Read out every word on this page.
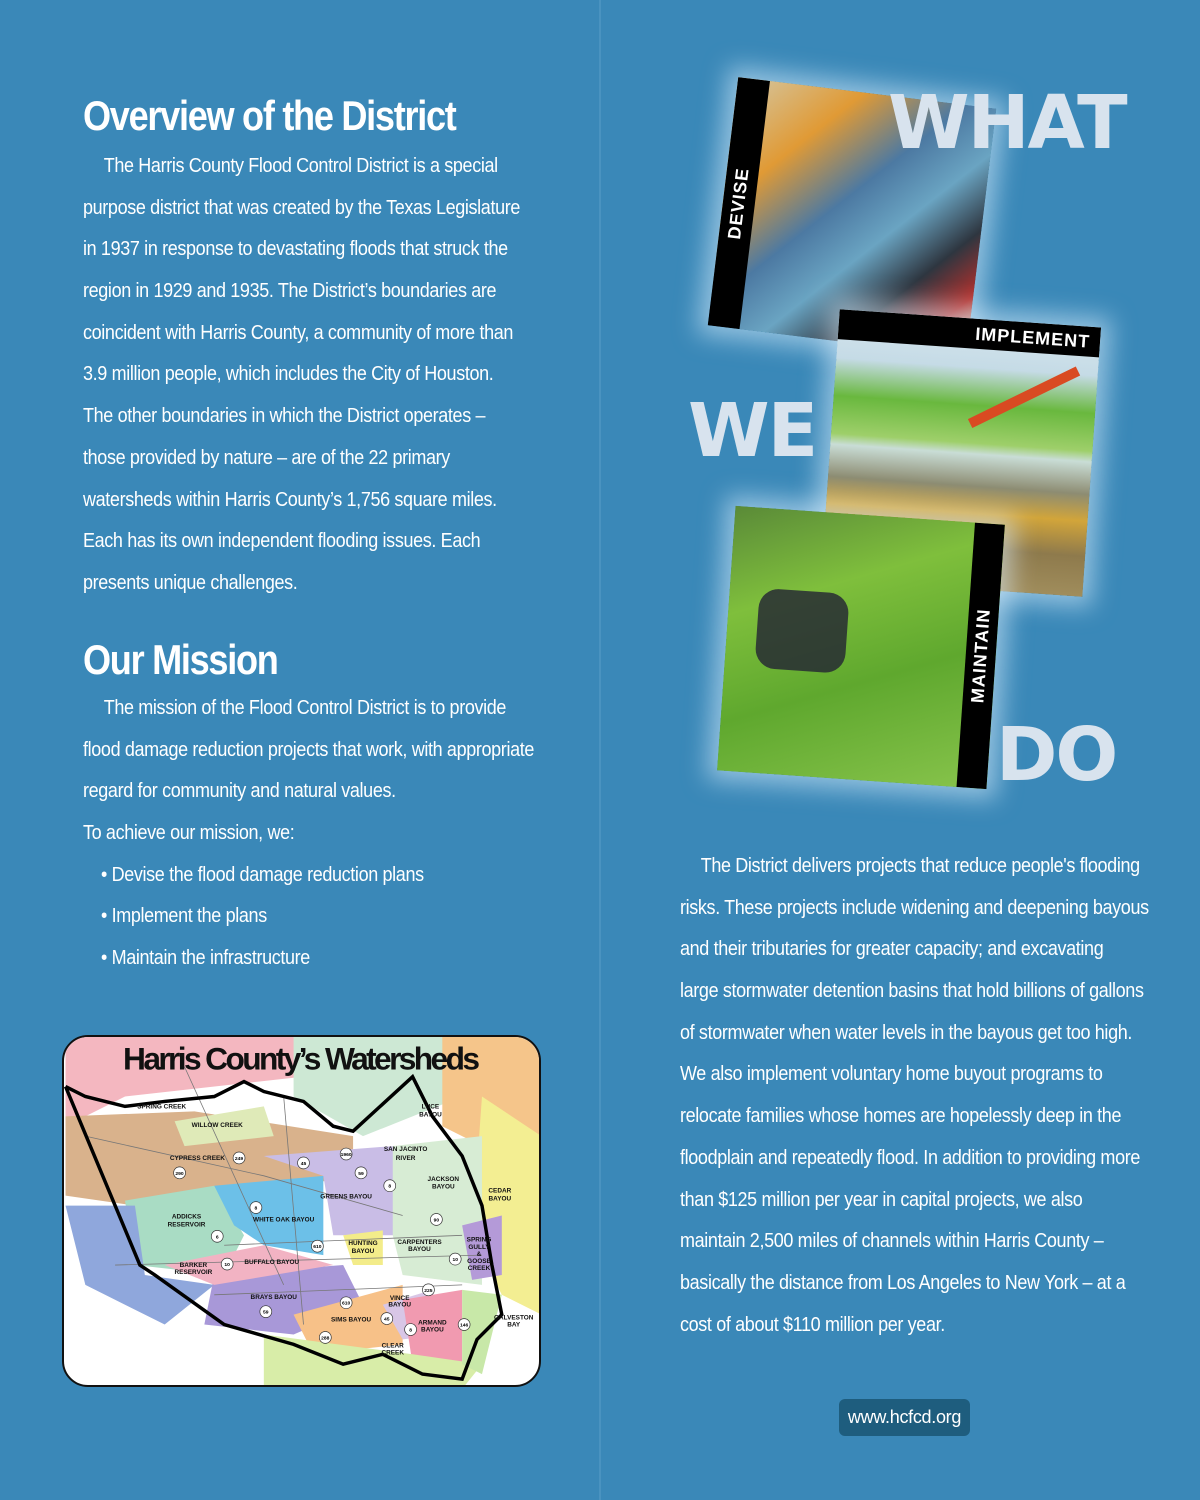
Overview of the District
The Harris County Flood Control District is a special
purpose district that was created by the Texas Legislature
in 1937 in response to devastating floods that struck the
region in 1929 and 1935. The District’s boundaries are
coincident with Harris County, a community of more than
3.9 million people, which includes the City of Houston.
The other boundaries in which the District operates –
those provided by nature – are of the 22 primary
watersheds within Harris County’s 1,756 square miles.
Each has its own independent flooding issues. Each
presents unique challenges.
Our Mission
The mission of the Flood Control District is to provide
flood damage reduction projects that work, with appropriate
regard for community and natural values.
To achieve our mission, we:
• Devise the flood damage reduction plans
• Implement the plans
• Maintain the infrastructure
Harris County’s Watersheds
SPRING CREEK
WILLOW CREEK
CYPRESS CREEK
LUCE
BAYOU
SAN JACINTO
RIVER
JACKSON
BAYOU
CEDAR
BAYOU
GREENS BAYOU
ADDICKS
RESERVOIR
WHITE OAK BAYOU
HUNTING
BAYOU
CARPENTERS
BAYOU
SPRING
GULLY
&
GOOSE
CREEK
BARKER
RESERVOIR
BUFFALO BAYOU
BRAYS BAYOU	VINCE
BAYOU
SIMS BAYOU	ARMAND
BAYOU
CLEAR
CREEK
GALVESTON
BAY
249
290
45
1960
59
8
8
6
90
610
10
10
225
610
59
45
288
8
146
DEVISE
IMPLEMENT
MAINTAIN
WHAT
WE
DO
The District delivers projects that reduce people's flooding
risks. These projects include widening and deepening bayous
and their tributaries for greater capacity; and excavating
large stormwater detention basins that hold billions of gallons
of stormwater when water levels in the bayous get too high.
We also implement voluntary home buyout programs to
relocate families whose homes are hopelessly deep in the
floodplain and repeatedly flood. In addition to providing more
than $125 million per year in capital projects, we also
maintain 2,500 miles of channels within Harris County –
basically the distance from Los Angeles to New York – at a
cost of about $110 million per year.
www.hcfcd.org
